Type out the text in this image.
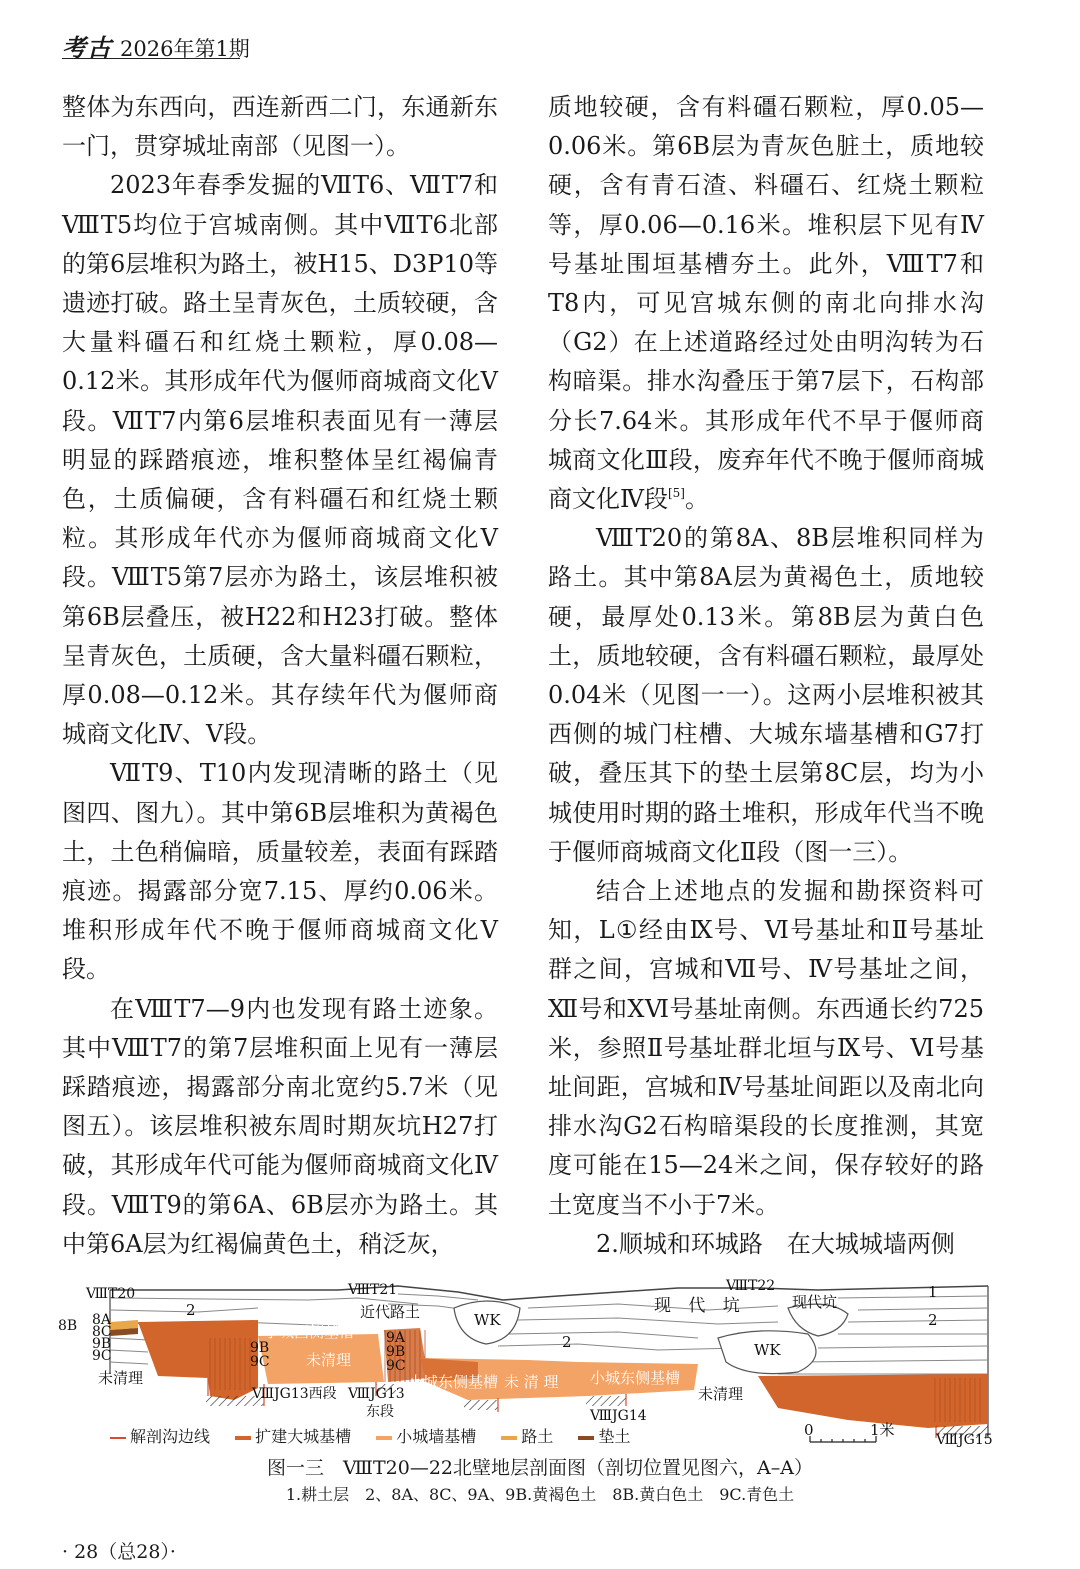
考古 2026年第1期

整体为东西向，西连新西二门，东通新东一门，贯穿城址南部（见图一）。

2023年春季发掘的ⅦT6、ⅦT7和ⅧT5均位于宫城南侧。其中ⅦT6北部的第6层堆积为路土，被H15、D3P10等遗迹打破。路土呈青灰色，土质较硬，含大量料礓石和红烧土颗粒，厚0.08—0.12米。其形成年代为偃师商城商文化Ⅴ段。ⅦT7内第6层堆积表面见有一薄层明显的踩踏痕迹，堆积整体呈红褐偏青色，土质偏硬，含有料礓石和红烧土颗粒。其形成年代亦为偃师商城商文化Ⅴ段。ⅧT5第7层亦为路土，该层堆积被第6B层叠压，被H22和H23打破。整体呈青灰色，土质硬，含大量料礓石颗粒，厚0.08—0.12米。其存续年代为偃师商城商文化Ⅳ、Ⅴ段。

ⅦT9、T10内发现清晰的路土（见图四、图九）。其中第6B层堆积为黄褐色土，土色稍偏暗，质量较差，表面有踩踏痕迹。揭露部分宽7.15、厚约0.06米。堆积形成年代不晚于偃师商城商文化Ⅴ段。

在ⅧT7—9内也发现有路土迹象。其中ⅧT7的第7层堆积面上见有一薄层踩踏痕迹，揭露部分南北宽约5.7米（见图五）。该层堆积被东周时期灰坑H27打破，其形成年代可能为偃师商城商文化Ⅳ段。ⅧT9的第6A、6B层亦为路土。其中第6A层为红褐偏黄色土，稍泛灰，

质地较硬，含有料礓石颗粒，厚0.05—0.06米。第6B层为青灰色脏土，质地较硬，含有青石渣、料礓石、红烧土颗粒等，厚0.06—0.16米。堆积层下见有Ⅳ号基址围垣基槽夯土。此外，ⅧT7和T8内，可见宫城东侧的南北向排水沟（G2）在上述道路经过处由明沟转为石构暗渠。排水沟叠压于第7层下，石构部分长7.64米。其形成年代不早于偃师商城商文化Ⅲ段，废弃年代不晚于偃师商城商文化Ⅳ段[5]。

ⅧT20的第8A、8B层堆积同样为路土。其中第8A层为黄褐色土，质地较硬，最厚处0.13米。第8B层为黄白色土，质地较硬，含有料礓石颗粒，最厚处0.04米（见图一一）。这两小层堆积被其西侧的城门柱槽、大城东墙基槽和G7打破，叠压其下的垫土层第8C层，均为小城使用时期的路土堆积，形成年代当不晚于偃师商城商文化Ⅱ段（图一三）。

结合上述地点的发掘和勘探资料可知，L①经由Ⅸ号、Ⅵ号基址和Ⅱ号基址群之间，宫城和Ⅶ号、Ⅳ号基址之间，Ⅻ号和ⅩⅥ号基址南侧。东西通长约725米，参照Ⅱ号基址群北垣与Ⅸ号、Ⅵ号基址间距，宫城和Ⅳ号基址间距以及南北向排水沟G2石构暗渠段的长度推测，其宽度可能在15—24米之间，保存较好的路土宽度当不小于7米。

2.顺城和环城路　在大城城墙两侧

ⅧT20	ⅧT21	ⅧT22
8B 8A
8C
9B
9C
2
2
2
1
近代路土	WK
WK
现 代 坑	现代坑
小城西侧基槽
未清理
9A
9B
9C
9B
9C
小城东侧基槽 未 清 理 小城东侧基槽
未清理
未清理
ⅧJG13西段 ⅧJG13
东段	ⅧJG14
ⅧJG15
0	1米
解剖沟边线	扩建大城基槽	小城墙基槽	路土	垫土
图一三　ⅧT20—22北壁地层剖面图（剖切位置见图六，A–A）
1.耕土层　2、8A、8C、9A、9B.黄褐色土　8B.黄白色土　9C.青色土
· 28（总28）·
